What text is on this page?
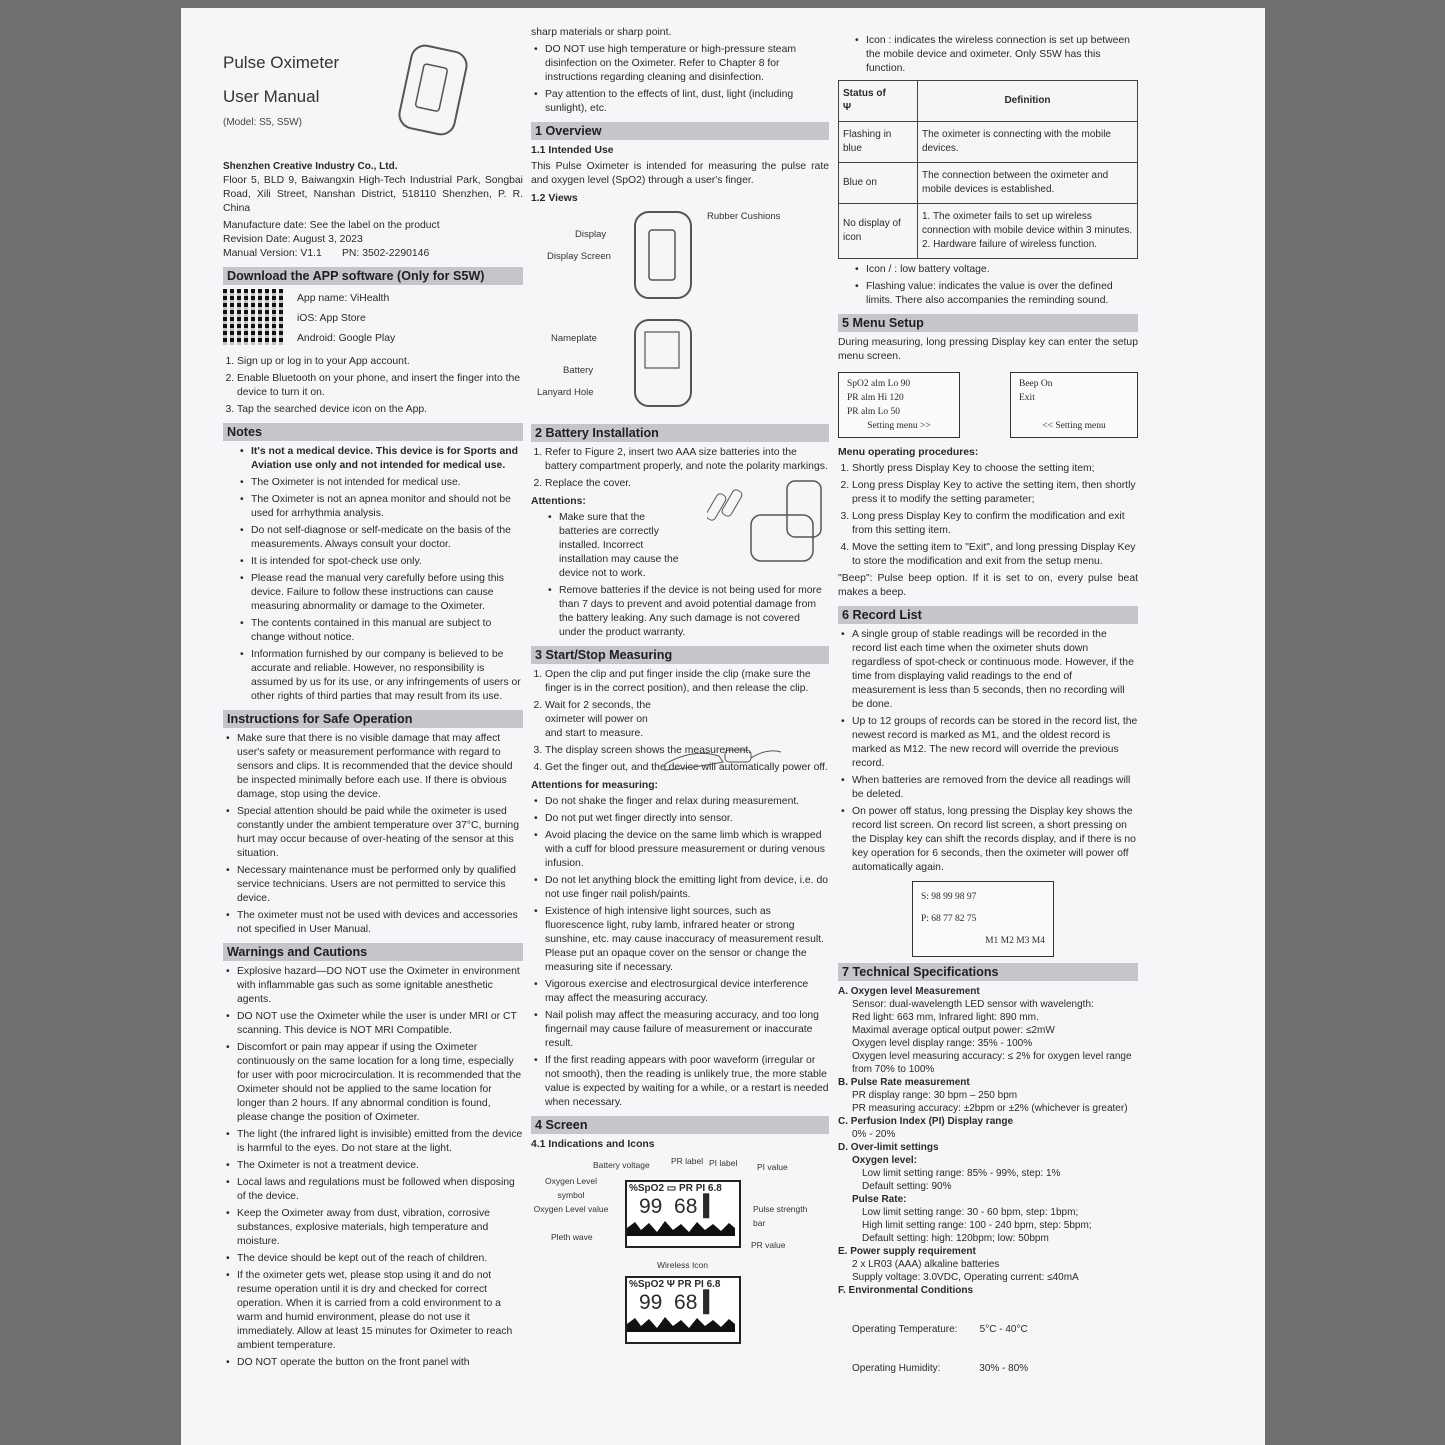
Pulse Oximeter
User Manual
(Model: S5, S5W)
Shenzhen Creative Industry Co., Ltd.

Floor 5, BLD 9, Baiwangxin High-Tech Industrial Park, Songbai Road, Xili Street, Nanshan District, 518110 Shenzhen, P. R. China

Manufacture date: See the label on the product
Revision Date: August 3, 2023
Manual Version: V1.1 PN: 3502-2290146
Download the APP software (Only for S5W)
App name: ViHealth
iOS: App Store
Android: Google Play
1. Sign up or log in to your App account.
2. Enable Bluetooth on your phone, and insert the finger into the device to turn it on.
3. Tap the searched device icon on the App.
Notes
• It's not a medical device. This device is for Sports and Aviation use only and not intended for medical use.
• The Oximeter is not intended for medical use.
• The Oximeter is not an apnea monitor and should not be used for arrhythmia analysis.
• Do not self-diagnose or self-medicate on the basis of the measurements. Always consult your doctor.
• It is intended for spot-check use only.
• Please read the manual very carefully before using this device. Failure to follow these instructions can cause measuring abnormality or damage to the Oximeter.
• The contents contained in this manual are subject to change without notice.
• Information furnished by our company is believed to be accurate and reliable. However, no responsibility is assumed by us for its use, or any infringements of users or other rights of third parties that may result from its use.
Instructions for Safe Operation
• Make sure that there is no visible damage that may affect user's safety or measurement performance with regard to sensors and clips. It is recommended that the device should be inspected minimally before each use. If there is obvious damage, stop using the device.
• Special attention should be paid while the oximeter is used constantly under the ambient temperature over 37°C, burning hurt may occur because of over-heating of the sensor at this situation.
• Necessary maintenance must be performed only by qualified service technicians. Users are not permitted to service this device.
• The oximeter must not be used with devices and accessories not specified in User Manual.
Warnings and Cautions
• Explosive hazard—DO NOT use the Oximeter in environment with inflammable gas such as some ignitable anesthetic agents.
• DO NOT use the Oximeter while the user is under MRI or CT scanning. This device is NOT MRI Compatible.
• Discomfort or pain may appear if using the Oximeter continuously on the same location for a long time, especially for user with poor microcirculation. It is recommended that the Oximeter should not be applied to the same location for longer than 2 hours. If any abnormal condition is found, please change the position of Oximeter.
• The light (the infrared light is invisible) emitted from the device is harmful to the eyes. Do not stare at the light.
• The Oximeter is not a treatment device.
• Local laws and regulations must be followed when disposing of the device.
• Keep the Oximeter away from dust, vibration, corrosive substances, explosive materials, high temperature and moisture.
• The device should be kept out of the reach of children.
• If the oximeter gets wet, please stop using it and do not resume operation until it is dry and checked for correct operation. When it is carried from a cold environment to a warm and humid environment, please do not use it immediately. Allow at least 15 minutes for Oximeter to reach ambient temperature.
• DO NOT operate the button on the front panel with

sharp materials or sharp point.

• DO NOT use high temperature or high-pressure steam disinfection on the Oximeter. Refer to Chapter 8 for instructions regarding cleaning and disinfection.
• Pay attention to the effects of lint, dust, light (including sunlight), etc.
1 Overview
1.1 Intended Use

This Pulse Oximeter is intended for measuring the pulse rate and oxygen level (SpO2) through a user's finger.

1.2 Views
Rubber Cushions
Display
Display Screen
Nameplate
Battery
Lanyard Hole
2 Battery Installation
1. Refer to Figure 2, insert two AAA size batteries into the battery compartment properly, and note the polarity markings.
2. Replace the cover.
Attentions:
• Make sure that the batteries are correctly installed. Incorrect installation may cause the device not to work.
• Remove batteries if the device is not being used for more than 7 days to prevent and avoid potential damage from the battery leaking. Any such damage is not covered under the product warranty.
3 Start/Stop Measuring
1. Open the clip and put finger inside the clip (make sure the finger is in the correct position), and then release the clip.
2. Wait for 2 seconds, the oximeter will power on and start to measure.
3. The display screen shows the measurement.
4. Get the finger out, and the device will automatically power off.
Attentions for measuring:
• Do not shake the finger and relax during measurement.
• Do not put wet finger directly into sensor.
• Avoid placing the device on the same limb which is wrapped with a cuff for blood pressure measurement or during venous infusion.
• Do not let anything block the emitting light from device, i.e. do not use finger nail polish/paints.
• Existence of high intensive light sources, such as fluorescence light, ruby lamb, infrared heater or strong sunshine, etc. may cause inaccuracy of measurement result. Please put an opaque cover on the sensor or change the measuring site if necessary.
• Vigorous exercise and electrosurgical device interference may affect the measuring accuracy.
• Nail polish may affect the measuring accuracy, and too long fingernail may cause failure of measurement or inaccurate result.
• If the first reading appears with poor waveform (irregular or not smooth), then the reading is unlikely true, the more stable value is expected by waiting for a while, or a restart is needed when necessary.
4 Screen
4.1 Indications and Icons
Battery voltage	PR label PI label PI value
Oxygen Level symbol
Oxygen Level value
Pleth wave
Pulse strength bar
PR value
%SpO2 ▭ PR PI 6.8
99 68 ▍
Wireless Icon
%SpO2 Ψ PR PI 6.8
99 68 ▍
• Icon : indicates the wireless connection is set up between the mobile device and oximeter. Only S5W has this function.
Status of
Ψ	Definition
Flashing in blue	The oximeter is connecting with the mobile devices.
Blue on	The connection between the oximeter and mobile devices is established.
No display of icon	1. The oximeter fails to set up wireless connection with mobile device within 3 minutes. 2. Hardware failure of wireless function.
• Icon / : low battery voltage.
• Flashing value: indicates the value is over the defined limits. There also accompanies the reminding sound.
5 Menu Setup

During measuring, long pressing Display key can enter the setup menu screen.

SpO2 alm Lo 90
PR alm Hi 120
PR alm Lo 50
Setting menu >>
Beep On
Exit
<< Setting menu
Menu operating procedures:
1. Shortly press Display Key to choose the setting item;
2. Long press Display Key to active the setting item, then shortly press it to modify the setting parameter;
3. Long press Display Key to confirm the modification and exit from this setting item.
4. Move the setting item to "Exit", and long pressing Display Key to store the modification and exit from the setup menu.

"Beep": Pulse beep option. If it is set to on, every pulse beat makes a beep.

6 Record List
• A single group of stable readings will be recorded in the record list each time when the oximeter shuts down regardless of spot-check or continuous mode. However, if the time from displaying valid readings to the end of measurement is less than 5 seconds, then no recording will be done.
• Up to 12 groups of records can be stored in the record list, the newest record is marked as M1, and the oldest record is marked as M12. The new record will override the previous record.
• When batteries are removed from the device all readings will be deleted.
• On power off status, long pressing the Display key shows the record list screen. On record list screen, a short pressing on the Display key can shift the records display, and if there is no key operation for 6 seconds, then the oximeter will power off automatically again.
S: 98 99 98 97
P: 68 77 82 75
M1 M2 M3 M4
7 Technical Specifications
A. Oxygen level Measurement
Sensor: dual-wavelength LED sensor with wavelength:
Red light: 663 mm, Infrared light: 890 mm.
Maximal average optical output power: ≤2mW
Oxygen level display range: 35% - 100%
Oxygen level measuring accuracy: ≤ 2% for oxygen level range from 70% to 100%
B. Pulse Rate measurement
PR display range: 30 bpm – 250 bpm
PR measuring accuracy: ±2bpm or ±2% (whichever is greater)
C. Perfusion Index (PI) Display range
0% - 20%
D. Over-limit settings
Oxygen level:
Low limit setting range: 85% - 99%, step: 1%
Default setting: 90%
Pulse Rate:
Low limit setting range: 30 - 60 bpm, step: 1bpm;
High limit setting range: 100 - 240 bpm, step: 5bpm;
Default setting: high: 120bpm; low: 50bpm
E. Power supply requirement
2 x LR03 (AAA) alkaline batteries
Supply voltage: 3.0VDC, Operating current: ≤40mA
F. Environmental Conditions

Operating Temperature:        5°C - 40°C

Operating Humidity:              30% - 80%
